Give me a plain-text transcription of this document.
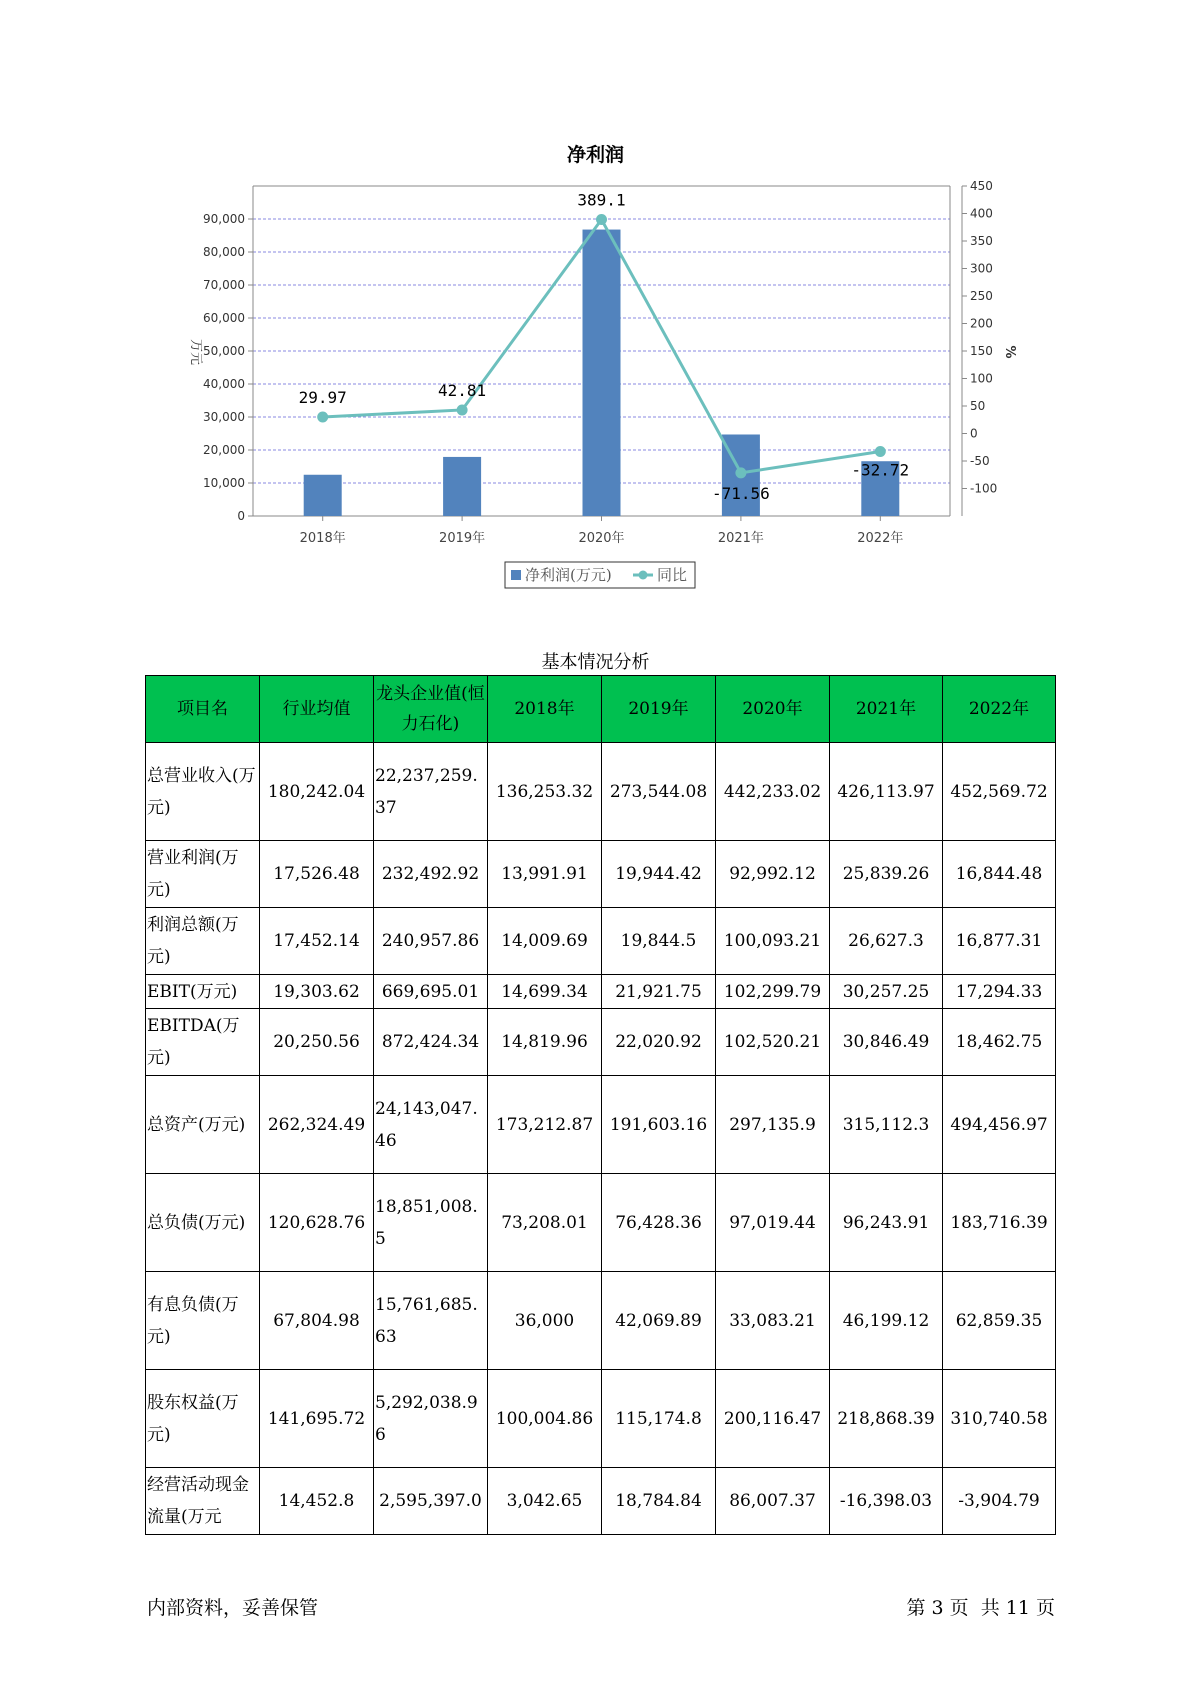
净利润
0
10,000
20,000
30,000
40,000
50,000
60,000
70,000
80,000
90,000
-100
-50
0
50
100
150
200
250
300
350
400
450
万元	%
2018年	2019年	2020年	2021年	2022年
29.97	42.81
389.1
-71.56
-32.72
净利润(万元)	同比
基本情况分析
项目名	行业均值	龙头企业值(恒力石化)	2018年	2019年	2020年	2021年	2022年
总营业收入(万元)	180,242.04	22,237,259.37	136,253.32	273,544.08	442,233.02	426,113.97	452,569.72
营业利润(万元)	17,526.48	232,492.92	13,991.91	19,944.42	92,992.12	25,839.26	16,844.48
利润总额(万元)	17,452.14	240,957.86	14,009.69	19,844.5	100,093.21	26,627.3	16,877.31
EBIT(万元)	19,303.62	669,695.01	14,699.34	21,921.75	102,299.79	30,257.25	17,294.33
EBITDA(万元)	20,250.56	872,424.34	14,819.96	22,020.92	102,520.21	30,846.49	18,462.75
总资产(万元)	262,324.49	24,143,047.46	173,212.87	191,603.16	297,135.9	315,112.3	494,456.97
总负债(万元)	120,628.76	18,851,008.5	73,208.01	76,428.36	97,019.44	96,243.91	183,716.39
有息负债(万元)	67,804.98	15,761,685.63	36,000	42,069.89	33,083.21	46,199.12	62,859.35
股东权益(万元)	141,695.72	5,292,038.96	100,004.86	115,174.8	200,116.47	218,868.39	310,740.58
经营活动现金流量(万元	14,452.8	2,595,397.0	3,042.65	18,784.84	86,007.37	-16,398.03	-3,904.79
内部资料，妥善保管	第 3 页  共 11 页
